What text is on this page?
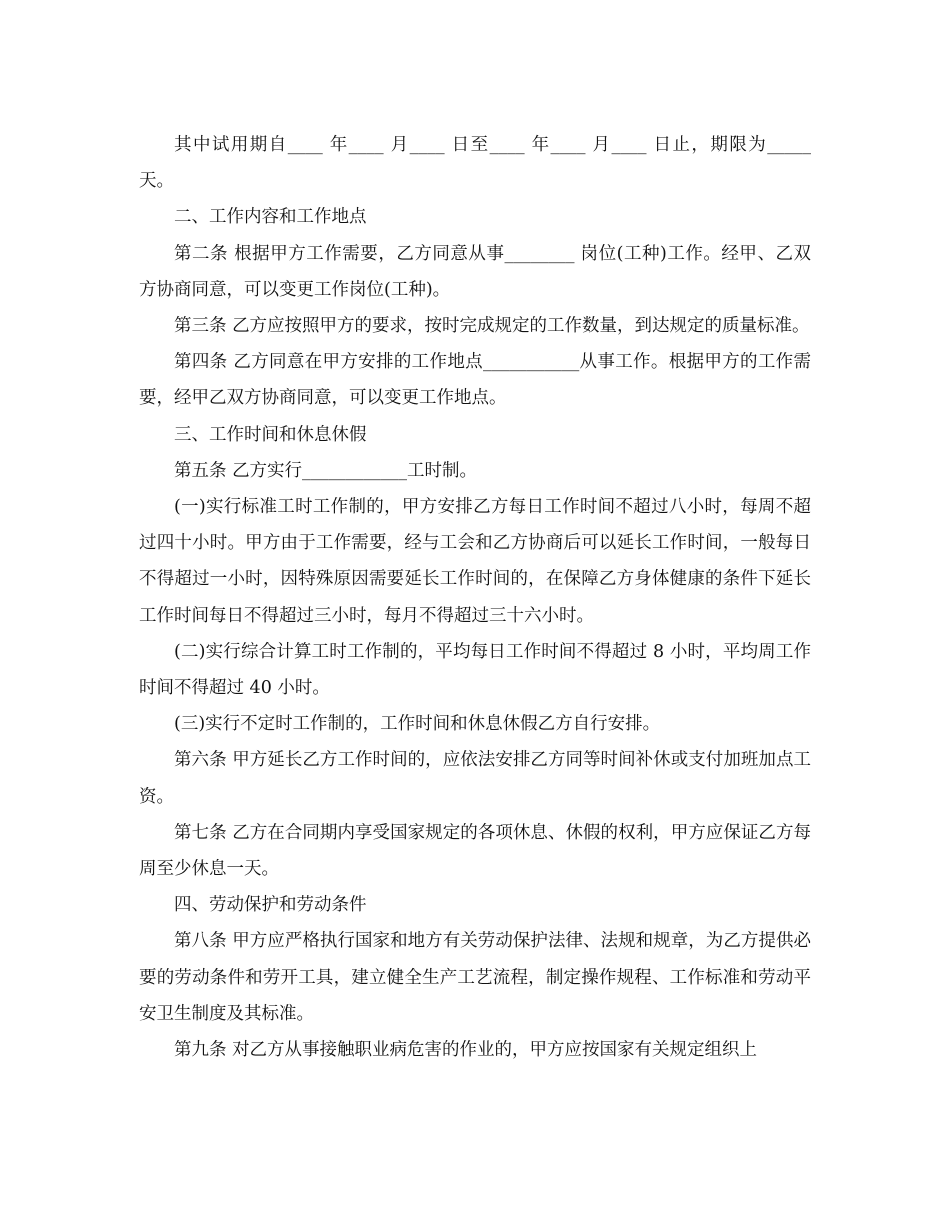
其中试用期自____ 年____ 月____ 日至____ 年____ 月____ 日止，期限为_____天。

二、工作内容和工作地点

第二条 根据甲方工作需要，乙方同意从事________ 岗位(工种)工作。经甲、乙双方协商同意，可以变更工作岗位(工种)。

第三条 乙方应按照甲方的要求，按时完成规定的工作数量，到达规定的质量标准。

第四条 乙方同意在甲方安排的工作地点___________从事工作。根据甲方的工作需要，经甲乙双方协商同意，可以变更工作地点。

三、工作时间和休息休假

第五条 乙方实行____________工时制。

(一)实行标准工时工作制的，甲方安排乙方每日工作时间不超过八小时，每周不超过四十小时。甲方由于工作需要，经与工会和乙方协商后可以延长工作时间，一般每日不得超过一小时，因特殊原因需要延长工作时间的，在保障乙方身体健康的条件下延长工作时间每日不得超过三小时，每月不得超过三十六小时。

(二)实行综合计算工时工作制的，平均每日工作时间不得超过 8 小时，平均周工作时间不得超过 40 小时。

(三)实行不定时工作制的，工作时间和休息休假乙方自行安排。

第六条 甲方延长乙方工作时间的，应依法安排乙方同等时间补休或支付加班加点工资。

第七条 乙方在合同期内享受国家规定的各项休息、休假的权利，甲方应保证乙方每周至少休息一天。

四、劳动保护和劳动条件

第八条 甲方应严格执行国家和地方有关劳动保护法律、法规和规章，为乙方提供必要的劳动条件和劳开工具，建立健全生产工艺流程，制定操作规程、工作标准和劳动平安卫生制度及其标准。

第九条 对乙方从事接触职业病危害的作业的，甲方应按国家有关规定组织上
